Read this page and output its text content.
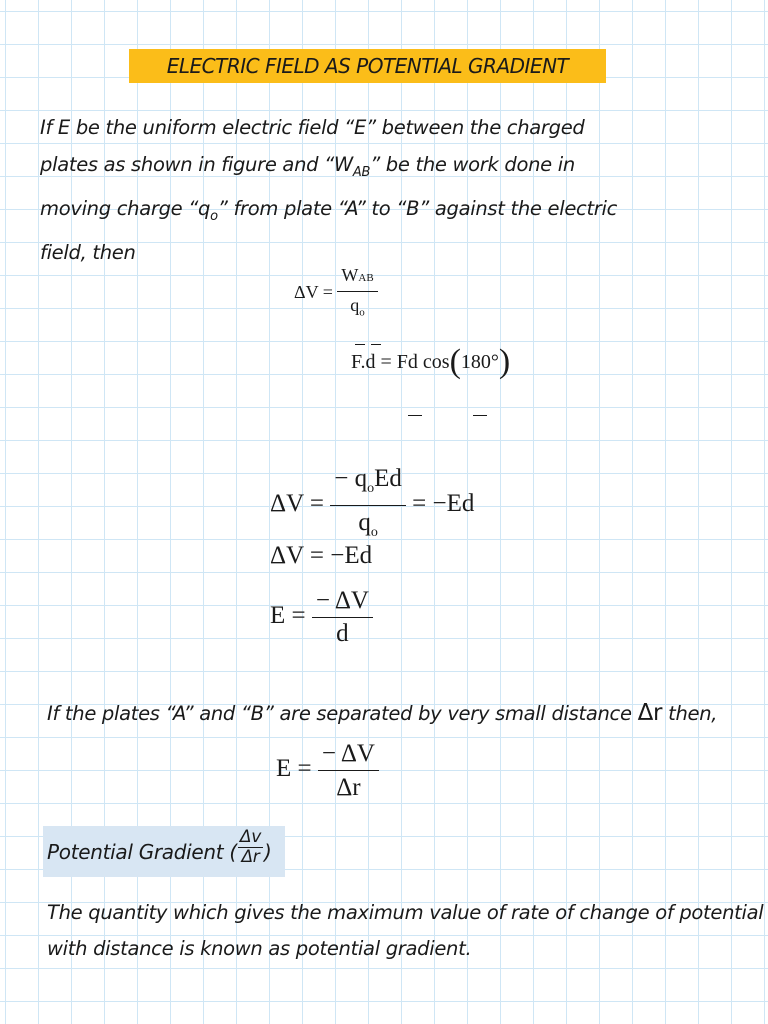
ELECTRIC FIELD AS POTENTIAL GRADIENT
If E be the uniform electric field “E” between the charged
plates as shown in figure and “$W_{AB}$” be the work done in
moving charge “$q_o$” from plate “A” to “B” against the electric
field, then
$\Delta V = \frac{\text{WAB}}{q_o}$
F.d = Fd cos(180°)
$\Delta V = \frac{- q_oEd}{q_o} = -Ed$
ΔV = −Ed
$E = \frac{- \Delta V}{d}$
If the plates “A” and “B” are separated by very small distance Δr then,
$E = \frac{- \Delta V}{\Delta r}$
Potential Gradient ( $\frac{\Delta v}{\Delta r}$ )
The quantity which gives the maximum value of rate of change of potential
with distance is known as potential gradient.
